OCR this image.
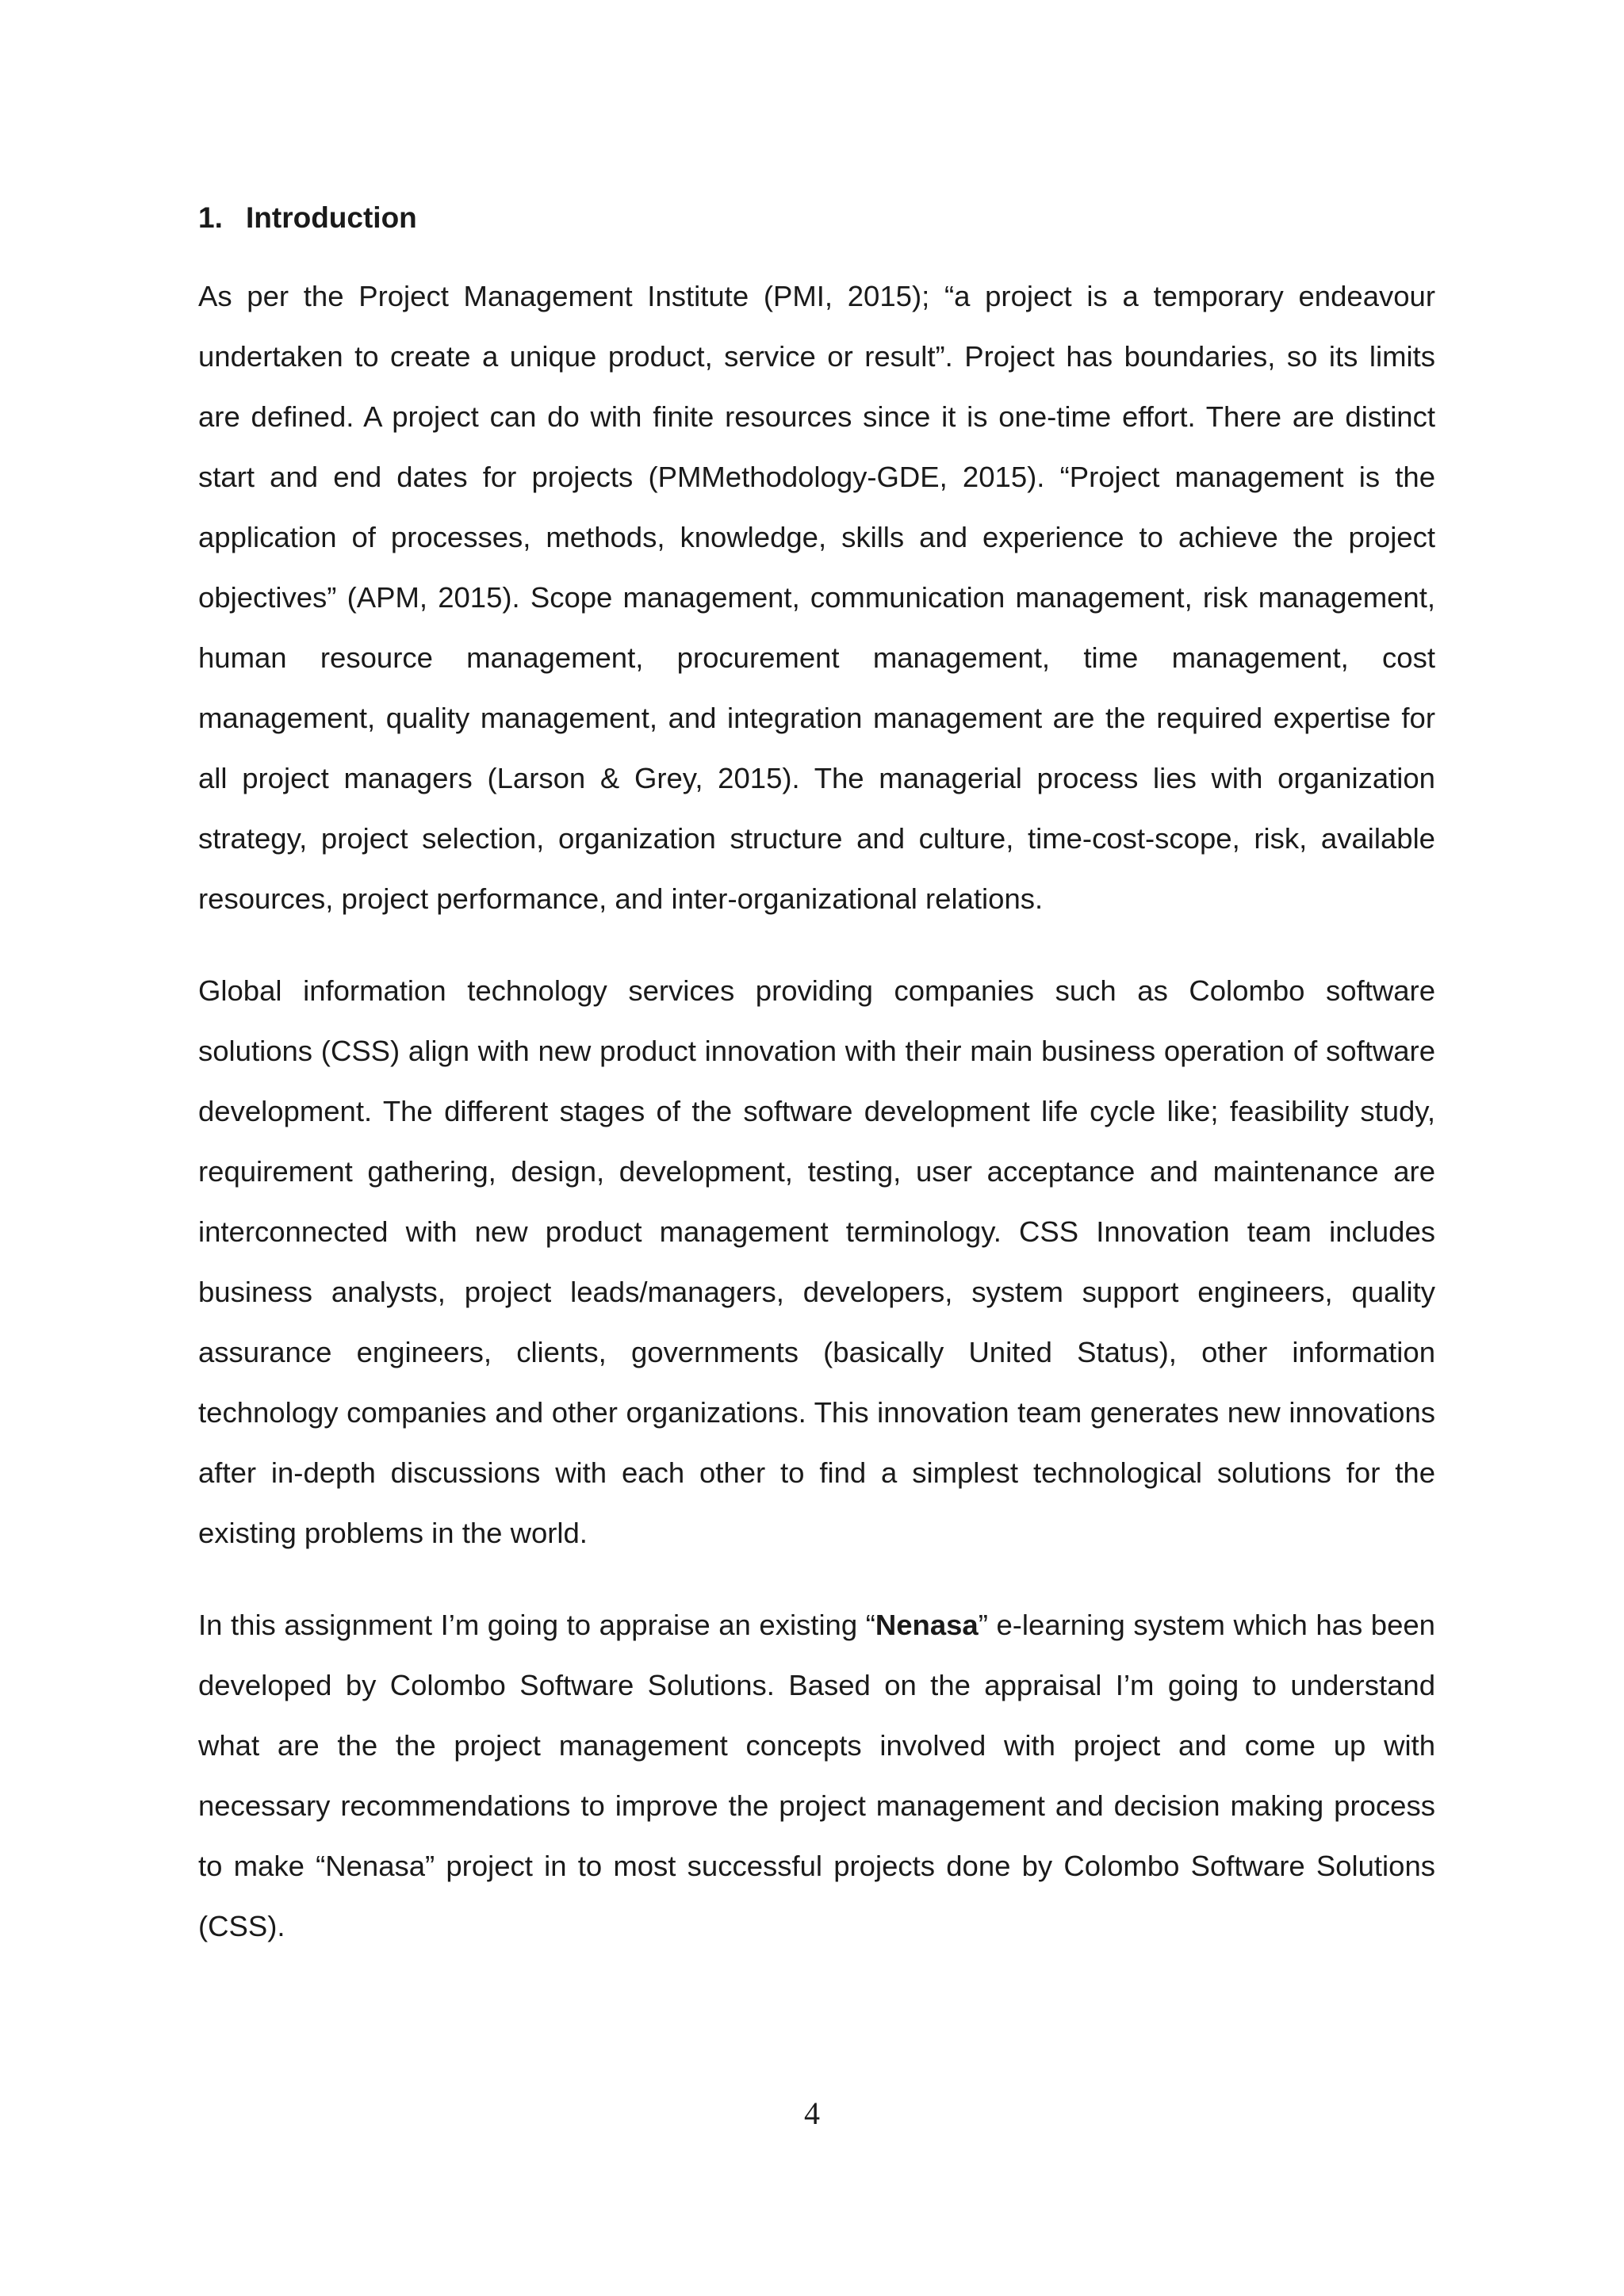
1. Introduction

As per the Project Management Institute (PMI, 2015); “a project is a temporary endeavour undertaken to create a unique product, service or result”. Project has boundaries, so its limits are defined. A project can do with finite resources since it is one-time effort. There are distinct start and end dates for projects (PMMethodology-GDE, 2015). “Project management is the application of processes, methods, knowledge, skills and experience to achieve the project objectives” (APM, 2015). Scope management, communication management, risk management, human resource management, procurement management, time management, cost management, quality management, and integration management are the required expertise for all project managers (Larson & Grey, 2015). The managerial process lies with organization strategy, project selection, organization structure and culture, time-cost-scope, risk, available resources, project performance, and inter-organizational relations.

Global information technology services providing companies such as Colombo software solutions (CSS) align with new product innovation with their main business operation of software development. The different stages of the software development life cycle like; feasibility study, requirement gathering, design, development, testing, user acceptance and maintenance are interconnected with new product management terminology. CSS Innovation team includes business analysts, project leads/managers, developers, system support engineers, quality assurance engineers, clients, governments (basically United Status), other information technology companies and other organizations. This innovation team generates new innovations after in-depth discussions with each other to find a simplest technological solutions for the existing problems in the world.

In this assignment I’m going to appraise an existing “Nenasa” e-learning system which has been developed by Colombo Software Solutions. Based on the appraisal I’m going to understand what are the the project management concepts involved with project and come up with necessary recommendations to improve the project management and decision making process to make “Nenasa” project in to most successful projects done by Colombo Software Solutions (CSS).

4
